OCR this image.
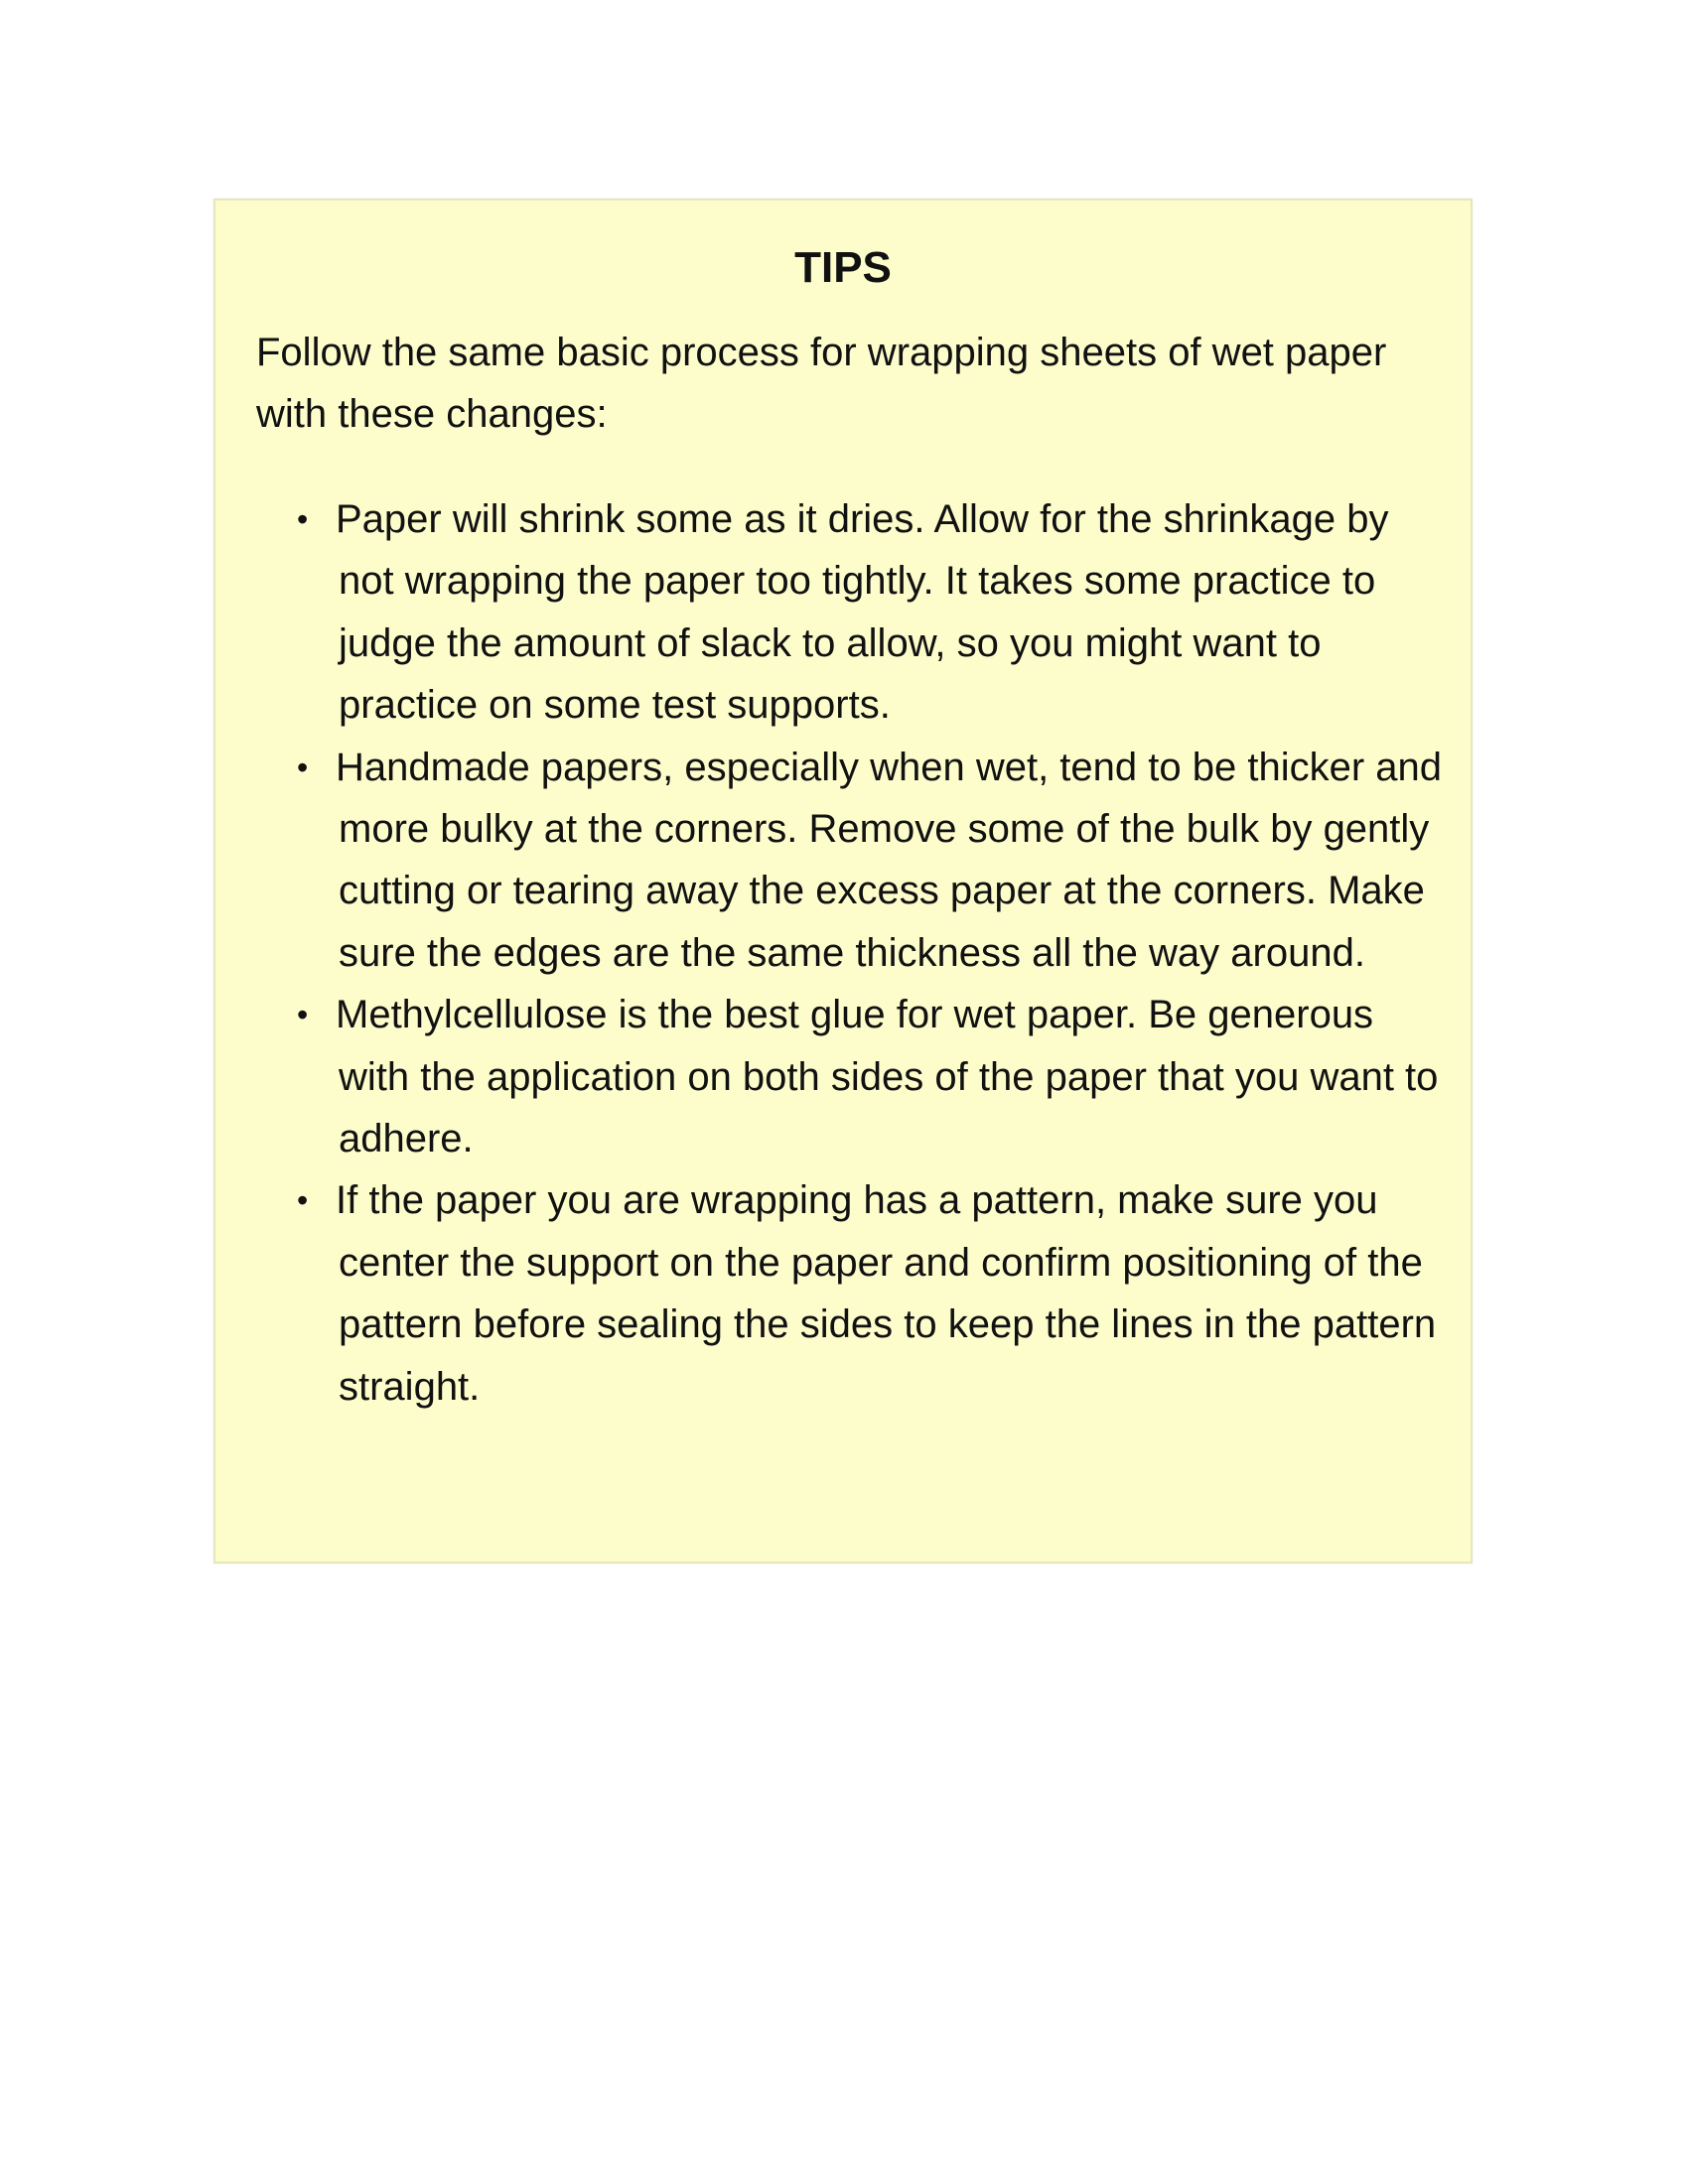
TIPS

Follow the same basic process for wrapping sheets of wet paper with these changes:

• Paper will shrink some as it dries. Allow for the shrinkage by not wrapping the paper too tightly. It takes some practice to judge the amount of slack to allow, so you might want to practice on some test supports.
• Handmade papers, especially when wet, tend to be thicker and more bulky at the corners. Remove some of the bulk by gently cutting or tearing away the excess paper at the corners. Make sure the edges are the same thickness all the way around.
• Methylcellulose is the best glue for wet paper. Be generous with the application on both sides of the paper that you want to adhere.
• If the paper you are wrapping has a pattern, make sure you center the support on the paper and confirm positioning of the pattern before sealing the sides to keep the lines in the pattern straight.
